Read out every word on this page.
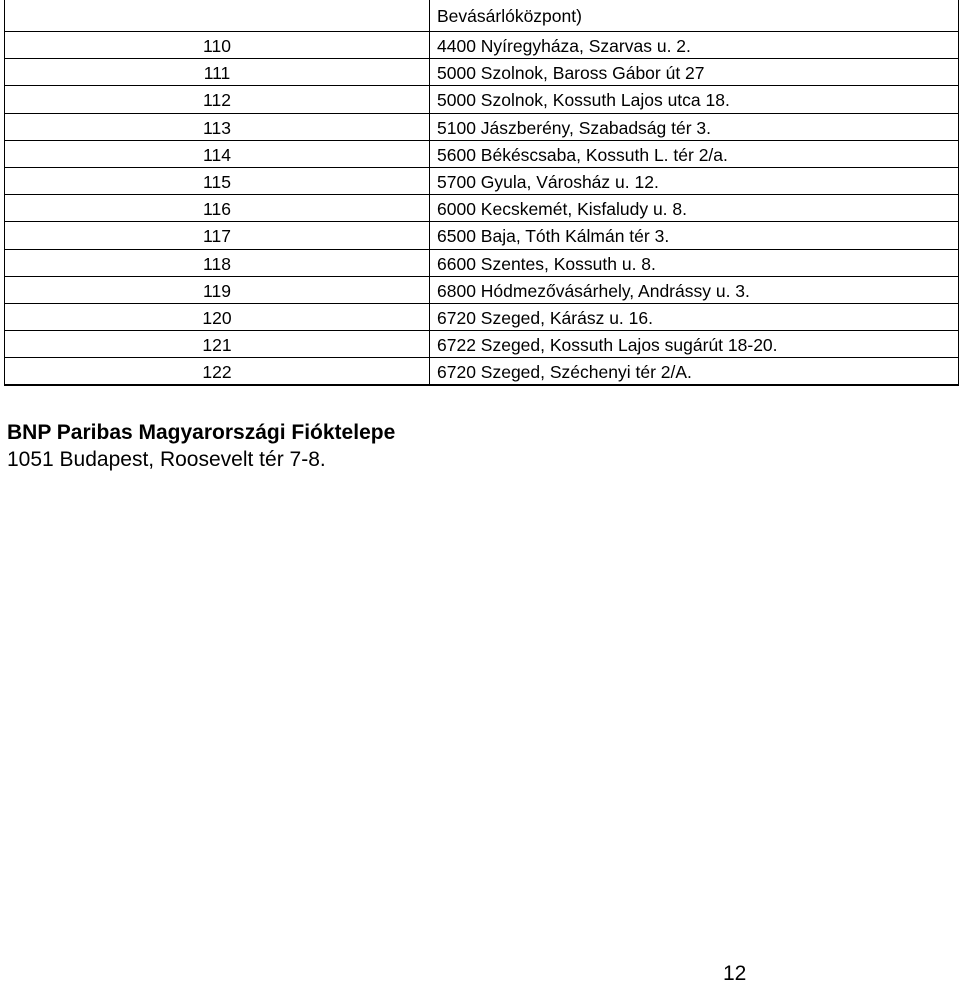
Bevásárlóközpont)
110	4400 Nyíregyháza, Szarvas u. 2.
111	5000 Szolnok, Baross Gábor út 27
112	5000 Szolnok, Kossuth Lajos utca 18.
113	5100 Jászberény, Szabadság tér 3.
114	5600 Békéscsaba, Kossuth L. tér 2/a.
115	5700 Gyula, Városház u. 12.
116	6000 Kecskemét, Kisfaludy u. 8.
117	6500 Baja, Tóth Kálmán tér 3.
118	6600 Szentes, Kossuth u. 8.
119	6800 Hódmezővásárhely, Andrássy u. 3.
120	6720 Szeged, Kárász u. 16.
121	6722 Szeged, Kossuth Lajos sugárút 18-20.
122	6720 Szeged, Széchenyi tér 2/A.
BNP Paribas Magyarországi Fióktelepe
1051 Budapest, Roosevelt tér 7-8.
12
